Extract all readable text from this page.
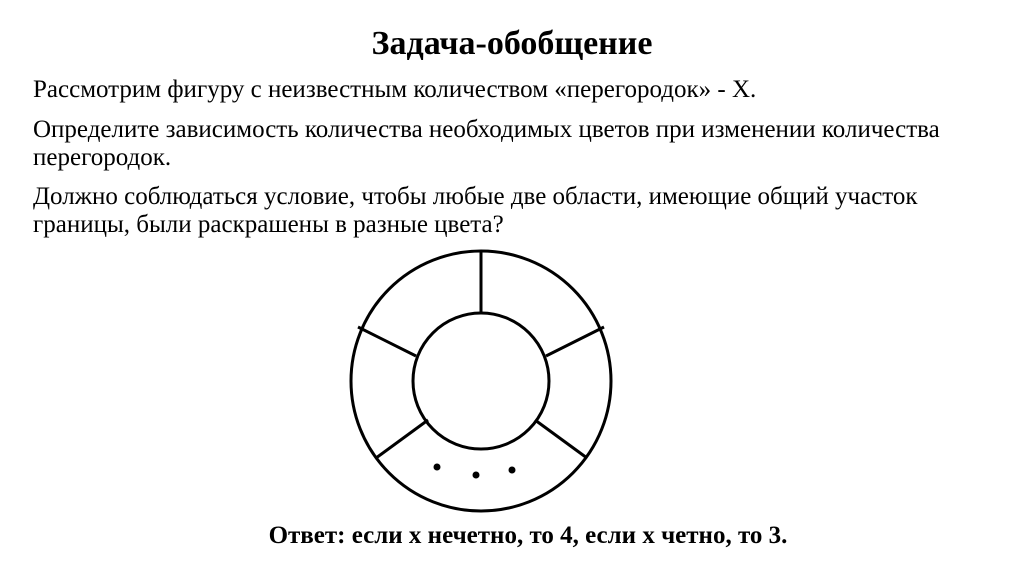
Задача-обобщение
Рассмотрим фигуру с неизвестным количеством «перегородок» - Х.
Определите зависимость количества необходимых цветов при изменении количества перегородок.
Должно соблюдаться условие, чтобы любые две области, имеющие общий участок границы, были раскрашены в разные цвета?
Ответ: если х нечетно, то 4, если х четно, то 3.
